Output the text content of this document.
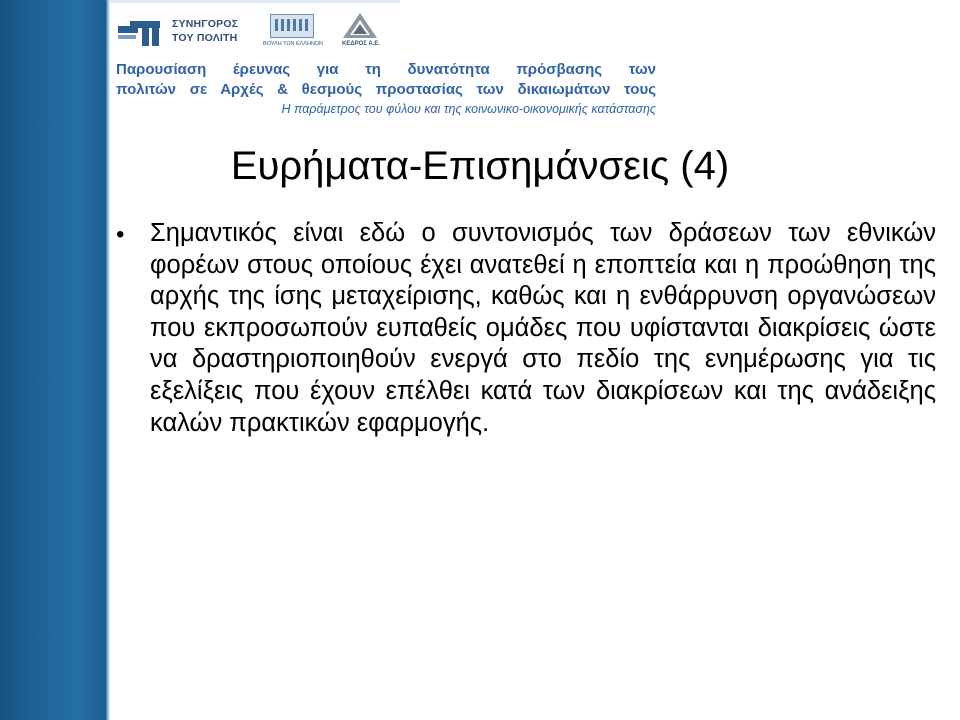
ΣΥΝΗΓΟΡΟΣ
ΤΟΥ ΠΟΛΙΤΗ	ΒΟΥΛΗ ΤΩΝ ΕΛΛΗΝΩΝ	ΚΕΔΡΟΣ Α.Ε.
Παρουσίαση έρευνας για τη δυνατότητα πρόσβασης των
πολιτών σε Αρχές & θεσμούς προστασίας των δικαιωμάτων τους
Η παράμετρος του φύλου και της κοινωνικο-οικονομικής κατάστασης
Ευρήματα-Επισημάνσεις (4)
• Σημαντικός είναι εδώ ο συντονισμός των δράσεων των εθνικών φορέων στους οποίους έχει ανατεθεί η εποπτεία και η προώθηση της αρχής της ίσης μεταχείρισης, καθώς και η ενθάρρυνση οργανώσεων που εκπροσωπούν ευπαθείς ομάδες που υφίστανται διακρίσεις ώστε να δραστηριοποιηθούν ενεργά στο πεδίο της ενημέρωσης για τις εξελίξεις που έχουν επέλθει κατά των διακρίσεων και της ανάδειξης καλών πρακτικών εφαρμογής.
